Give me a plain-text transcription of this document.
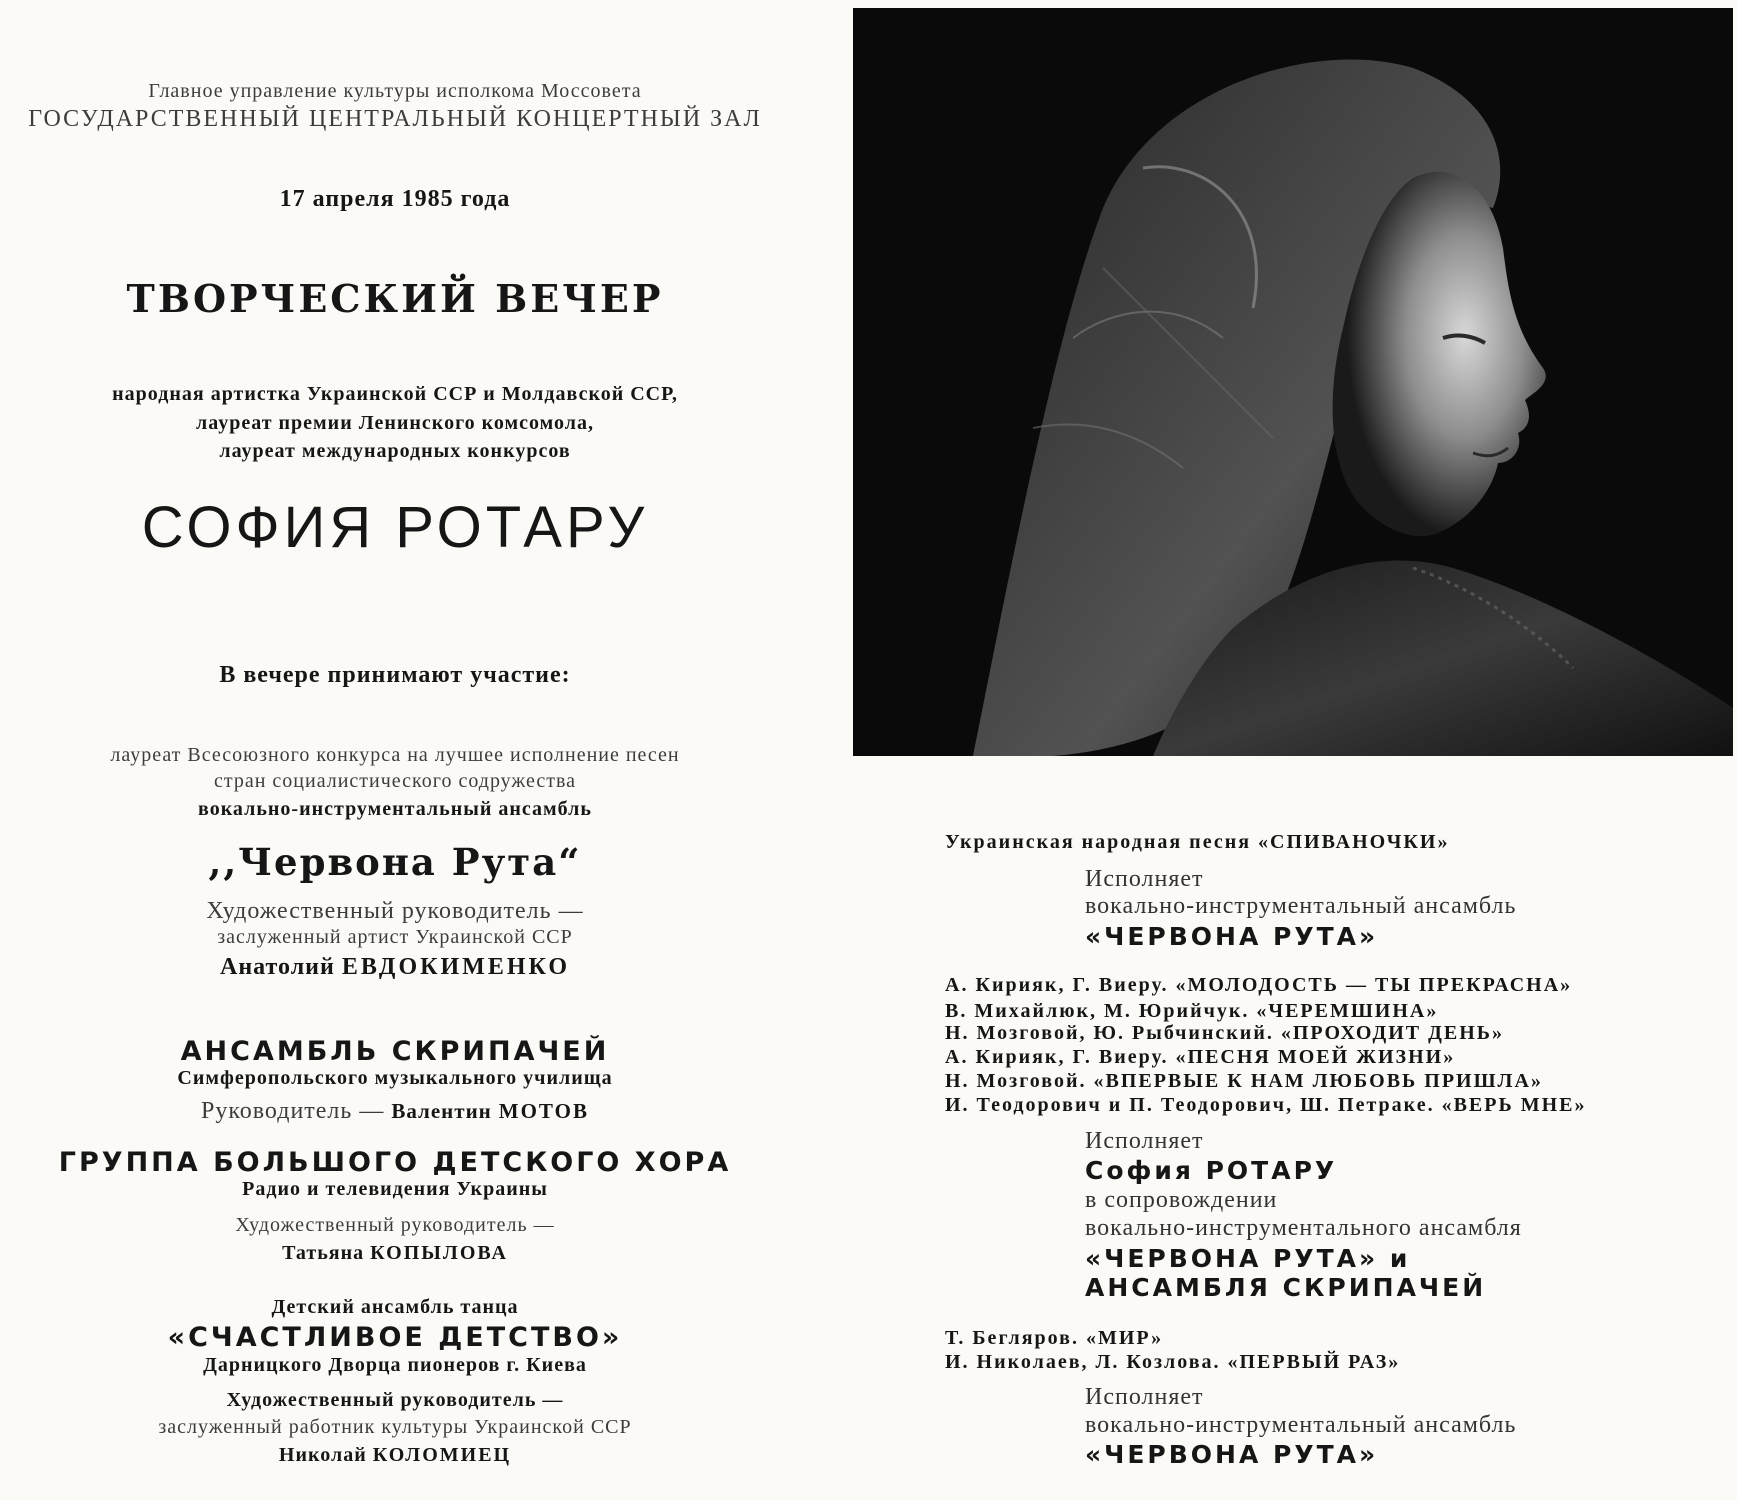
Главное управление культуры исполкома Моссовета
ГОСУДАРСТВЕННЫЙ ЦЕНТРАЛЬНЫЙ КОНЦЕРТНЫЙ ЗАЛ
17 апреля 1985 года
ТВОРЧЕСКИЙ ВЕЧЕР
народная артистка Украинской ССР и Молдавской ССР,
лауреат премии Ленинского комсомола,
лауреат международных конкурсов
СОФИЯ РОТАРУ
В вечере принимают участие:
лауреат Всесоюзного конкурса на лучшее исполнение песен
стран социалистического содружества
вокально-инструментальный ансамбль
,,Червона Рута“
Художественный руководитель —
заслуженный артист Украинской ССР
Анатолий ЕВДОКИМЕНКО
АНСАМБЛЬ СКРИПАЧЕЙ
Симферопольского музыкального училища
Руководитель — Валентин МОТОВ
ГРУППА БОЛЬШОГО ДЕТСКОГО ХОРА
Радио и телевидения Украины
Художественный руководитель —
Татьяна КОПЫЛОВА
Детский ансамбль танца
«СЧАСТЛИВОЕ ДЕТСТВО»
Дарницкого Дворца пионеров г. Киева
Художественный руководитель —
заслуженный работник культуры Украинской ССР
Николай КОЛОМИЕЦ
Украинская народная песня «СПИВАНОЧКИ»
Исполняет
вокально-инструментальный ансамбль
«ЧЕРВОНА РУТА»
А. Кирияк, Г. Виеру. «МОЛОДОСТЬ — ТЫ ПРЕКРАСНА»
В. Михайлюк, М. Юрийчук. «ЧЕРЕМШИНА»
Н. Мозговой, Ю. Рыбчинский. «ПРОХОДИТ ДЕНЬ»
А. Кирияк, Г. Виеру. «ПЕСНЯ МОЕЙ ЖИЗНИ»
Н. Мозговой. «ВПЕРВЫЕ К НАМ ЛЮБОВЬ ПРИШЛА»
И. Теодорович и П. Теодорович, Ш. Петраке. «ВЕРЬ МНЕ»
Исполняет
София РОТАРУ
в сопровождении
вокально-инструментального ансамбля
«ЧЕРВОНА РУТА» и
АНСАМБЛЯ СКРИПАЧЕЙ
Т. Бегляров. «МИР»
И. Николаев, Л. Козлова. «ПЕРВЫЙ РАЗ»
Исполняет
вокально-инструментальный ансамбль
«ЧЕРВОНА РУТА»
